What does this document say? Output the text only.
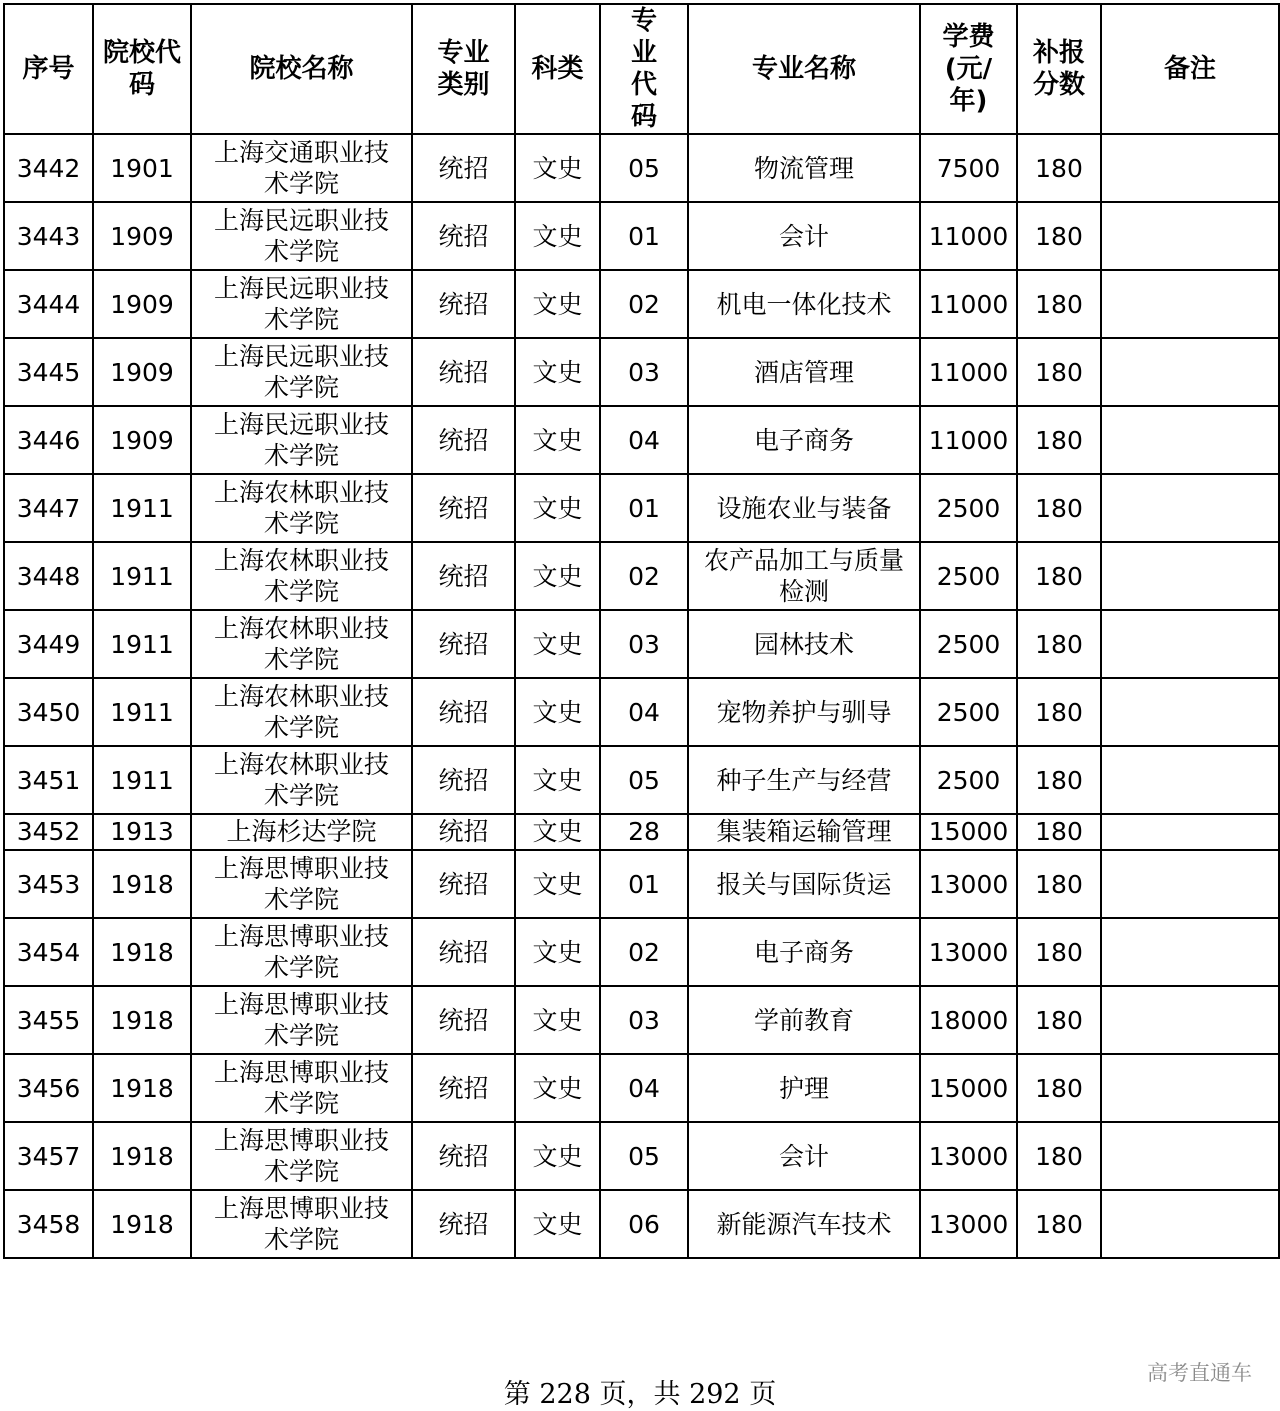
序号	院校代码	院校名称	专业类别	科类	专业代码	专业名称	学费(元/年)	补报分数	备注

3442	1901	上海交通职业技术学院	统招	文史	05	物流管理	7500	180	

3443	1909	上海民远职业技术学院	统招	文史	01	会计	11000	180	

3444	1909	上海民远职业技术学院	统招	文史	02	机电一体化技术	11000	180	

3445	1909	上海民远职业技术学院	统招	文史	03	酒店管理	11000	180	

3446	1909	上海民远职业技术学院	统招	文史	04	电子商务	11000	180	

3447	1911	上海农林职业技术学院	统招	文史	01	设施农业与装备	2500	180	

3448	1911	上海农林职业技术学院	统招	文史	02	农产品加工与质量检测	2500	180	

3449	1911	上海农林职业技术学院	统招	文史	03	园林技术	2500	180	

3450	1911	上海农林职业技术学院	统招	文史	04	宠物养护与驯导	2500	180	

3451	1911	上海农林职业技术学院	统招	文史	05	种子生产与经营	2500	180	

3452	1913	上海杉达学院	统招	文史	28	集装箱运输管理	15000	180	

3453	1918	上海思博职业技术学院	统招	文史	01	报关与国际货运	13000	180	

3454	1918	上海思博职业技术学院	统招	文史	02	电子商务	13000	180	

3455	1918	上海思博职业技术学院	统招	文史	03	学前教育	18000	180	

3456	1918	上海思博职业技术学院	统招	文史	04	护理	15000	180	

3457	1918	上海思博职业技术学院	统招	文史	05	会计	13000	180	

3458	1918	上海思博职业技术学院	统招	文史	06	新能源汽车技术	13000	180	

第 228 页，共 292 页
高考直通车
